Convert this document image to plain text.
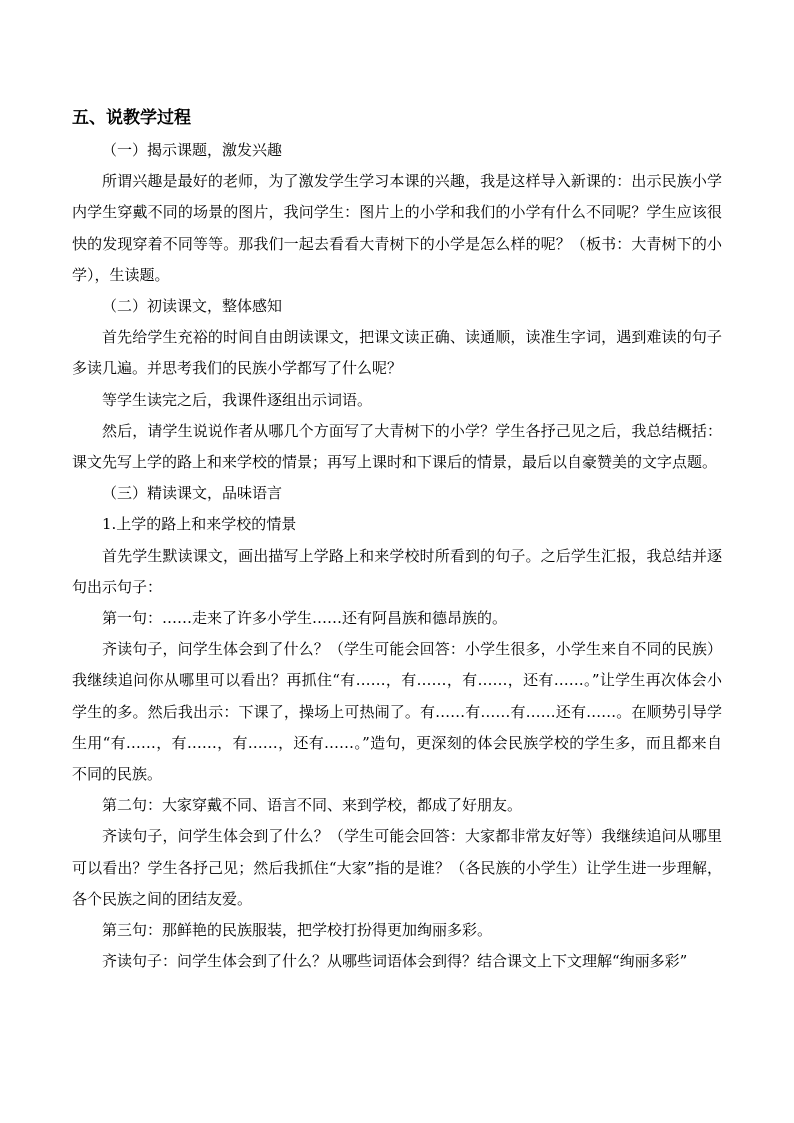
五、说教学过程

（一）揭示课题，激发兴趣

所谓兴趣是最好的老师，为了激发学生学习本课的兴趣，我是这样导入新课的：出示民族小学内学生穿戴不同的场景的图片，我问学生：图片上的小学和我们的小学有什么不同呢？学生应该很快的发现穿着不同等等。那我们一起去看看大青树下的小学是怎么样的呢？（板书：大青树下的小学），生读题。

（二）初读课文，整体感知

首先给学生充裕的时间自由朗读课文，把课文读正确、读通顺，读准生字词，遇到难读的句子多读几遍。并思考我们的民族小学都写了什么呢？

等学生读完之后，我课件逐组出示词语。

然后，请学生说说作者从哪几个方面写了大青树下的小学？学生各抒己见之后，我总结概括：课文先写上学的路上和来学校的情景；再写上课时和下课后的情景，最后以自豪赞美的文字点题。

（三）精读课文，品味语言

1.上学的路上和来学校的情景

首先学生默读课文，画出描写上学路上和来学校时所看到的句子。之后学生汇报，我总结并逐句出示句子：

第一句：……走来了许多小学生……还有阿昌族和德昂族的。

齐读句子，问学生体会到了什么？（学生可能会回答：小学生很多，小学生来自不同的民族）我继续追问你从哪里可以看出？再抓住“有……，有……，有……，还有……。”让学生再次体会小学生的多。然后我出示：下课了，操场上可热闹了。有……有……有……还有……。在顺势引导学生用“有……，有……，有……，还有……。”造句，更深刻的体会民族学校的学生多，而且都来自不同的民族。

第二句：大家穿戴不同、语言不同、来到学校，都成了好朋友。

齐读句子，问学生体会到了什么？（学生可能会回答：大家都非常友好等）我继续追问从哪里可以看出？学生各抒己见；然后我抓住“大家”指的是谁？（各民族的小学生）让学生进一步理解，各个民族之间的团结友爱。

第三句：那鲜艳的民族服装，把学校打扮得更加绚丽多彩。

齐读句子：问学生体会到了什么？从哪些词语体会到得？结合课文上下文理解“绚丽多彩”
